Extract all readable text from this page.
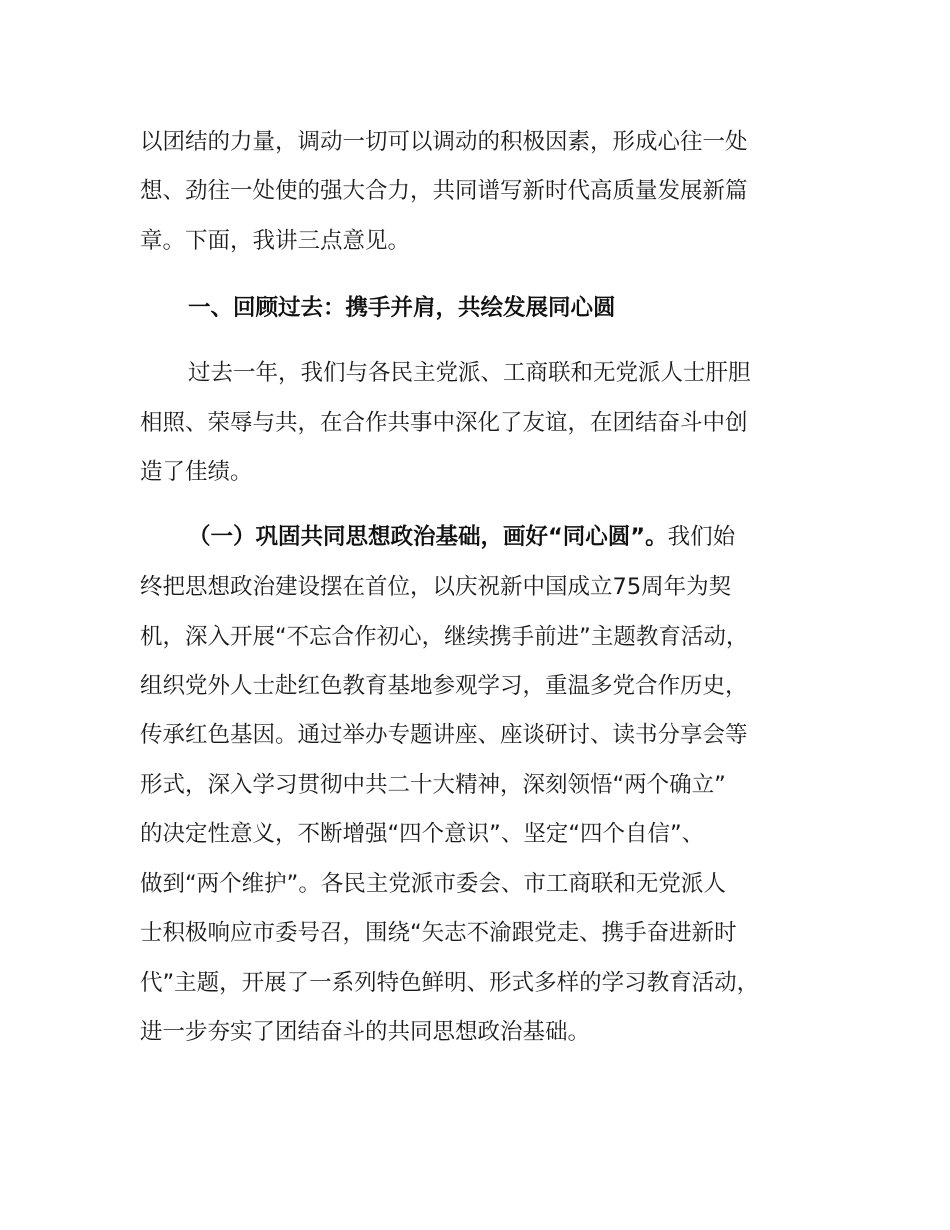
以团结的力量，调动一切可以调动的积极因素，形成心往一处

想、劲往一处使的强大合力，共同谱写新时代高质量发展新篇

章。下面，我讲三点意见。

一、回顾过去：携手并肩，共绘发展同心圆

过去一年，我们与各民主党派、工商联和无党派人士肝胆

相照、荣辱与共，在合作共事中深化了友谊，在团结奋斗中创

造了佳绩。

（一）巩固共同思想政治基础，画好“同心圆”。我们始

终把思想政治建设摆在首位，以庆祝新中国成立75周年为契

机，深入开展“不忘合作初心，继续携手前进”主题教育活动，

组织党外人士赴红色教育基地参观学习，重温多党合作历史，

传承红色基因。通过举办专题讲座、座谈研讨、读书分享会等

形式，深入学习贯彻中共二十大精神，深刻领悟“两个确立”

的决定性意义，不断增强“四个意识”、坚定“四个自信”、

做到“两个维护”。各民主党派市委会、市工商联和无党派人

士积极响应市委号召，围绕“矢志不渝跟党走、携手奋进新时

代”主题，开展了一系列特色鲜明、形式多样的学习教育活动，

进一步夯实了团结奋斗的共同思想政治基础。
